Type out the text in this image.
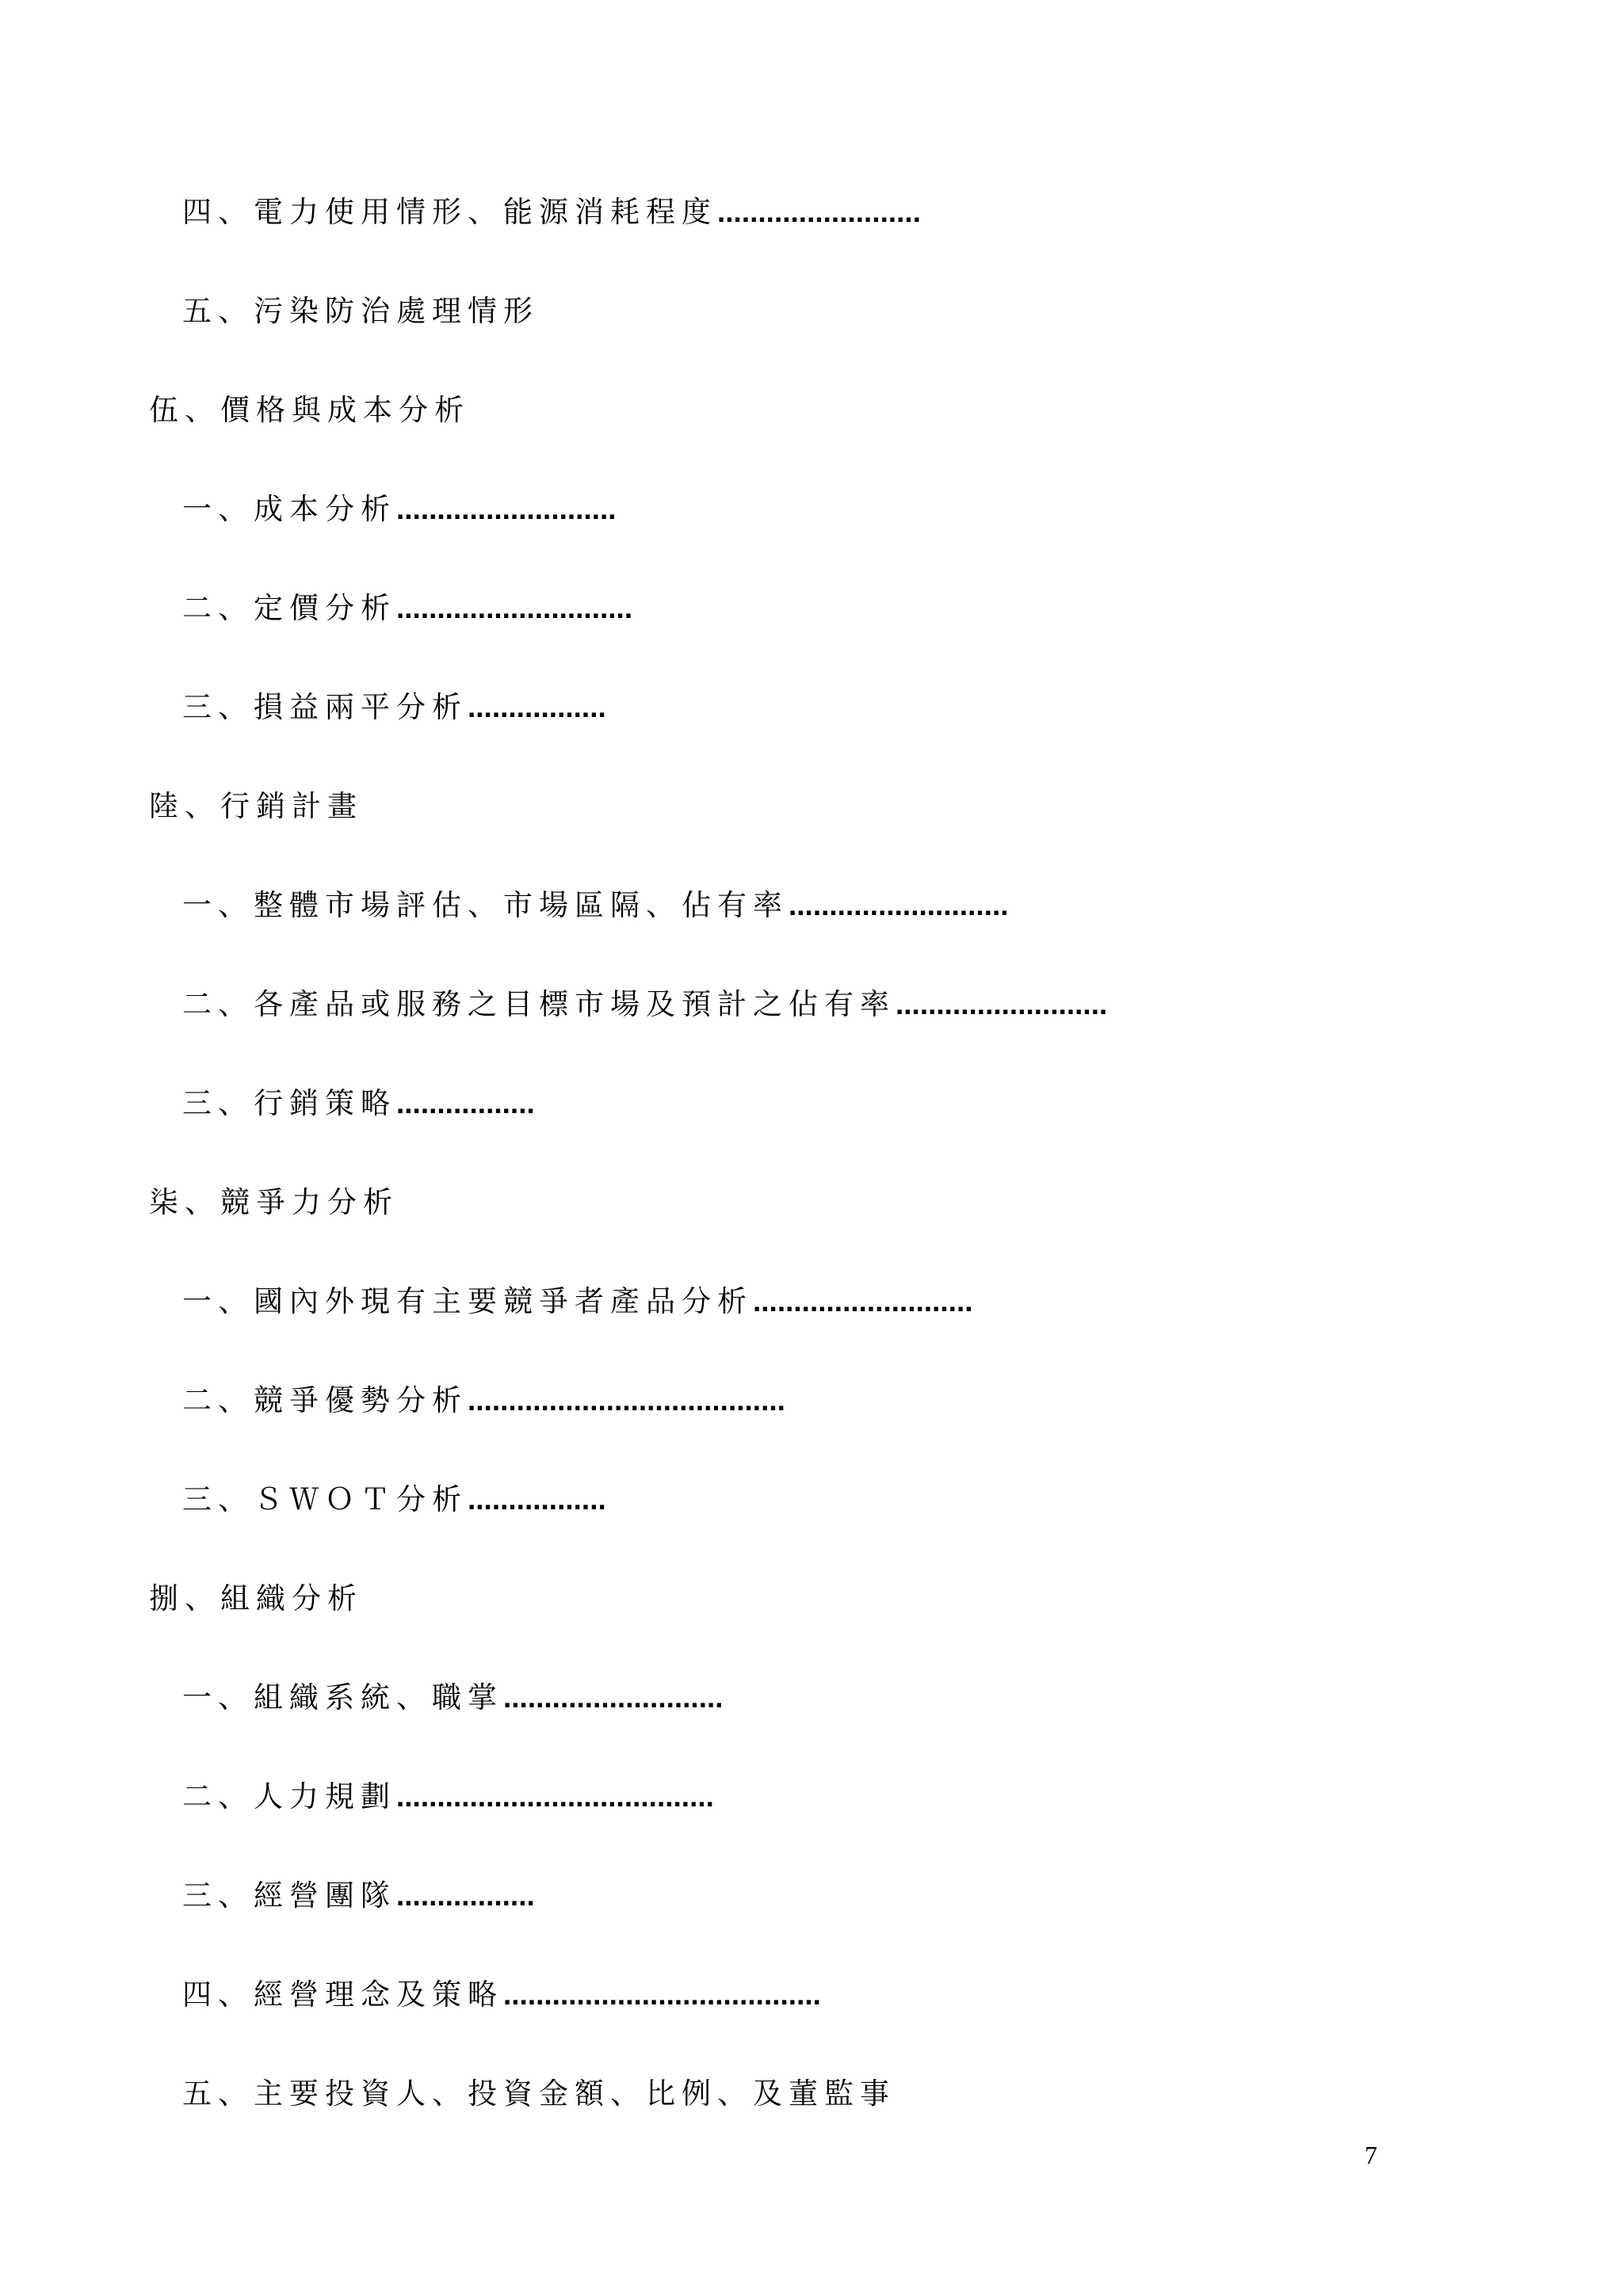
四、電力使用情形、能源消耗程度.........................
五、污染防治處理情形
伍、價格與成本分析
一、成本分析...........................
二、定價分析.............................
三、損益兩平分析.................
陸、行銷計畫
一、整體市場評估、市場區隔、佔有率...........................
二、各產品或服務之目標市場及預計之佔有率..........................
三、行銷策略.................
柒、競爭力分析
一、國內外現有主要競爭者產品分析...........................
二、競爭優勢分析.......................................
三、ＳＷＯＴ分析.................
捌、組織分析
一、組織系統、職掌...........................
二、人力規劃.......................................
三、經營團隊.................
四、經營理念及策略.......................................
五、主要投資人、投資金額、比例、及董監事
7
